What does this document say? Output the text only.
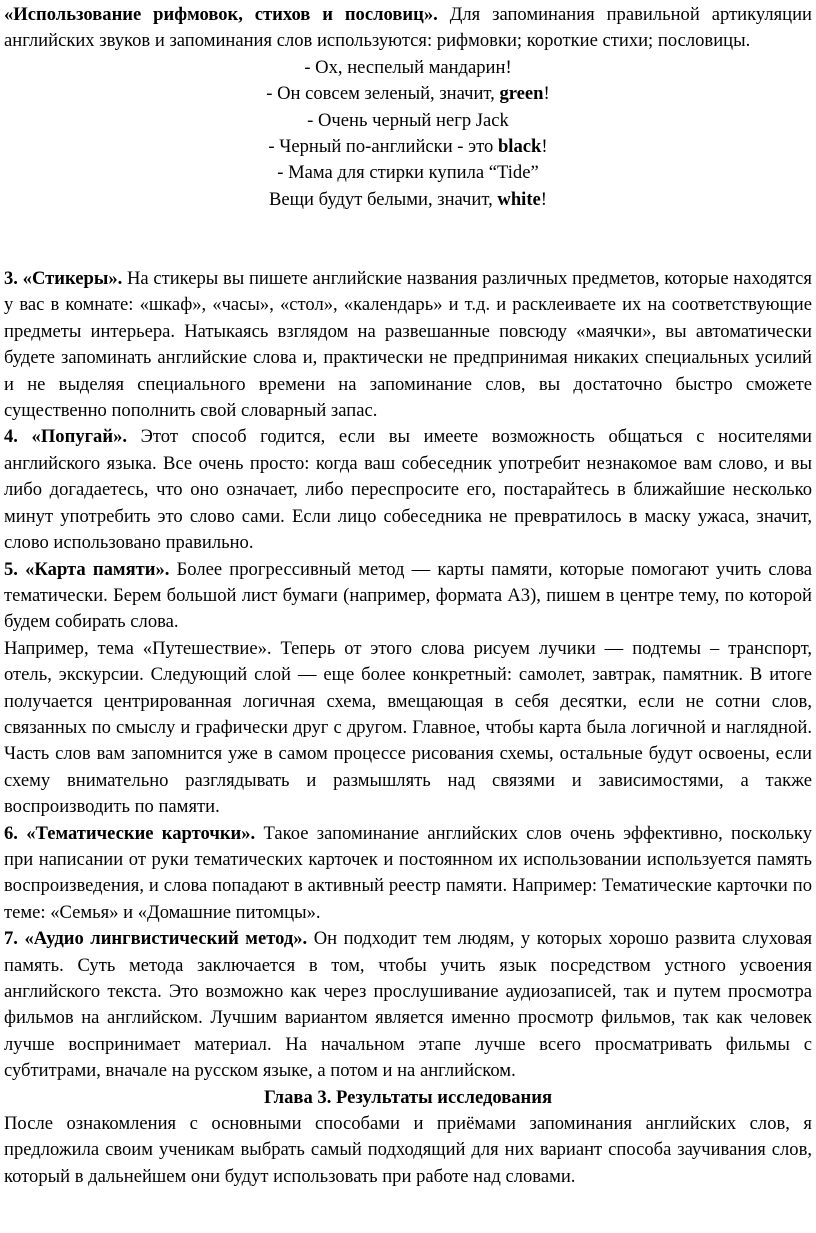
«Использование рифмовок, стихов и пословиц». Для запоминания правильной артикуляции английских звуков и запоминания слов используются: рифмовки; короткие стихи; пословицы.

- Ох, неспелый мандарин!
- Он совсем зеленый, значит, green!
- Очень черный негр Jack
- Черный по-английски - это black!
- Мама для стирки купила “Tide”
Вещи будут белыми, значит, white!

3. «Стикеры». На стикеры вы пишете английские названия различных предметов, которые находятся у вас в комнате: «шкаф», «часы», «стол», «календарь» и т.д. и расклеиваете их на соответствующие предметы интерьера. Натыкаясь взглядом на развешанные повсюду «маячки», вы автоматически будете запоминать английские слова и, практически не предпринимая никаких специальных усилий и не выделяя специального времени на запоминание слов, вы достаточно быстро сможете существенно пополнить свой словарный запас.

4. «Попугай». Этот способ годится, если вы имеете возможность общаться с носителями английского языка. Все очень просто: когда ваш собеседник употребит незнакомое вам слово, и вы либо догадаетесь, что оно означает, либо переспросите его, постарайтесь в ближайшие несколько минут употребить это слово сами. Если лицо собеседника не превратилось в маску ужаса, значит, слово использовано правильно.

5. «Карта памяти». Более прогрессивный метод — карты памяти, которые помогают учить слова тематически. Берем большой лист бумаги (например, формата А3), пишем в центре тему, по которой будем собирать слова.

Например, тема «Путешествие». Теперь от этого слова рисуем лучики — подтемы – транспорт, отель, экскурсии. Следующий слой — еще более конкретный: самолет, завтрак, памятник. В итоге получается центрированная логичная схема, вмещающая в себя десятки, если не сотни слов, связанных по смыслу и графически друг с другом. Главное, чтобы карта была логичной и наглядной. Часть слов вам запомнится уже в самом процессе рисования схемы, остальные будут освоены, если схему внимательно разглядывать и размышлять над связями и зависимостями, а также воспроизводить по памяти.

6. «Тематические карточки». Такое запоминание английских слов очень эффективно, поскольку при написании от руки тематических карточек и постоянном их использовании используется память воспроизведения, и слова попадают в активный реестр памяти. Например: Тематические карточки по теме: «Семья» и «Домашние питомцы».

7. «Аудио лингвистический метод». Он подходит тем людям, у которых хорошо развита слуховая память. Суть метода заключается в том, чтобы учить язык посредством устного усвоения английского текста. Это возможно как через прослушивание аудиозаписей, так и путем просмотра фильмов на английском. Лучшим вариантом является именно просмотр фильмов, так как человек лучше воспринимает материал. На начальном этапе лучше всего просматривать фильмы с субтитрами, вначале на русском языке, а потом и на английском.

Глава 3. Результаты исследования

После ознакомления с основными способами и приёмами запоминания английских слов, я предложила своим ученикам выбрать самый подходящий для них вариант способа заучивания слов, который в дальнейшем они будут использовать при работе над словами.
